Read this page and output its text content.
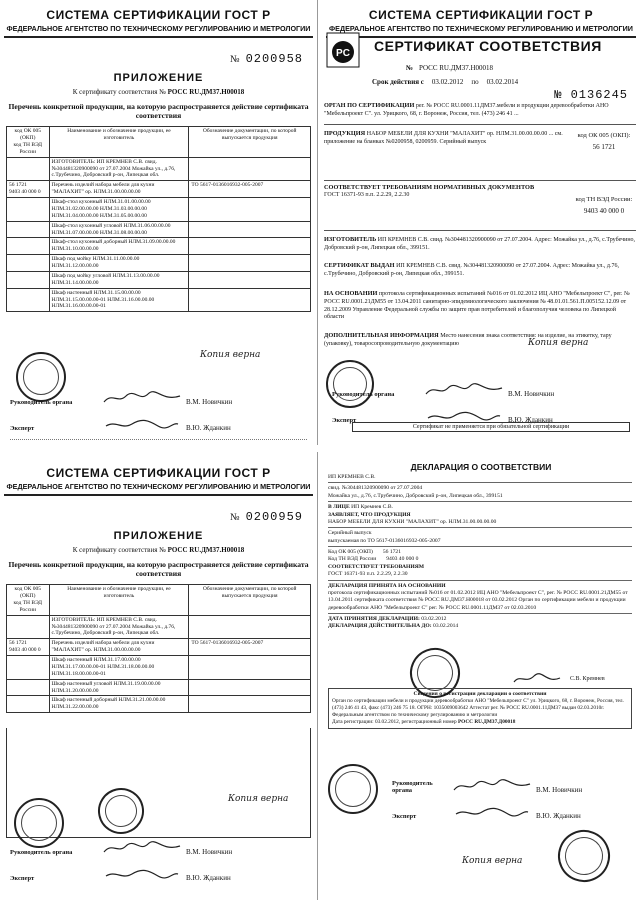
СИСТЕМА СЕРТИФИКАЦИИ ГОСТ Р
ФЕДЕРАЛЬНОЕ АГЕНТСТВО ПО ТЕХНИЧЕСКОМУ РЕГУЛИРОВАНИЮ И МЕТРОЛОГИИ
№ 0200958
ПРИЛОЖЕНИЕ
К сертификату соответствия № РОСС RU.ДМ37.Н00018
Перечень конкретной продукции, на которую распространяется действие сертификата соответствия
код ОК 005 (ОКП)
код ТН ВЭД России	Наименование и обозначение продукции, ее изготовитель	Обозначение документации, по которой выпускается продукция
	ИЗГОТОВИТЕЛЬ: ИП КРЕМНЕВ С.В. свид. №304481320900090 от 27.07.2004 Можайка ул., д.76, с.Трубечино, Добровский р-он, Липецкая обл.	

56 1721
9403 40 000 0	Перечень изделий набора мебели для кухни "МАЛАХИТ" ор. НЛМ.31.00.00.00.00	ТО 5617-0136016932-005-2007
	Шкаф-стол кухонный НЛМ.31.01.00.00.00 НЛМ.31.02.00.00.00 НЛМ.31.03.00.00.00 НЛМ.31.04.00.00.00 НЛМ.31.05.00.00.00	
	Шкаф-стол кухонный угловой НЛМ.31.06.00.00.00 НЛМ.31.07.00.00.00 НЛМ.31.08.00.00.00	
	Шкаф-стол кухонный доборный НЛМ.31.09.00.00.00 НЛМ.31.10.00.00.00	
	Шкаф под мойку НЛМ.31.11.00.00.00 НЛМ.31.12.00.00.00	
	Шкаф под мойку угловой НЛМ.31.13.00.00.00 НЛМ.31.14.00.00.00	
	Шкаф настенный НЛМ.31.15.00.00.00 НЛМ.31.15.00.00.00-01 НЛМ.31.16.00.00.00 НЛМ.31.16.00.00.00-01	
Копия верна
Руководитель органа	В.М. Новичкин
Эксперт	В.Ю. Жданкин
СИСТЕМА СЕРТИФИКАЦИИ ГОСТ Р
ФЕДЕРАЛЬНОЕ АГЕНТСТВО ПО ТЕХНИЧЕСКОМУ РЕГУЛИРОВАНИЮ И МЕТРОЛОГИИ
PC СЕРТИФИКАТ СООТВЕТСТВИЯ
№ РОСС RU.ДМ37.Н00018
Срок действия с 03.02.2012 по 03.02.2014
№ 0136245
ОРГАН ПО СЕРТИФИКАЦИИ рег. № РОСС RU.0001.11ДМ37.мебели и продукции деревообработки АНО "Мебельпроект С". ул. Урицкого, 68, г. Воронеж, Россия, тел. (473) 246 41 ...
ПРОДУКЦИЯ НАБОР МЕБЕЛИ ДЛЯ КУХНИ "МАЛАХИТ" ор. НЛМ.31.00.00.00.00 ... см. приложение на бланках №0200958, 0200959. Серийный выпуск
код ОК 005 (ОКП):
56 1721
СООТВЕТСТВУЕТ ТРЕБОВАНИЯМ НОРМАТИВНЫХ ДОКУМЕНТОВ
ГОСТ 16371-93 п.п. 2.2.29, 2.2.30
код ТН ВЭД России:
9403 40 000 0
ИЗГОТОВИТЕЛЬ ИП КРЕМНЕВ С.В. свид. №304481320900090 от 27.07.2004. Адрес: Можайка ул., д.76, с.Трубечино, Добровский р-он, Липецкая обл., 399151.
СЕРТИФИКАТ ВЫДАН ИП КРЕМНЕВ С.В. свид. №304481320900090 от 27.07.2004. Адрес: Можайка ул., д.76, с.Трубечино, Добровский р-он, Липецкая обл., 399151.
НА ОСНОВАНИИ протокола сертификационных испытаний №016 от 01.02.2012 ИЦ АНО "Мебельпроект С", рег. № РОСС RU.0001.21ДМ55 от 13.04.2011 санитарно-эпидемиологического заключения № 48.01.01.561.П.005152.12.09 от 28.12.2009 Управление Федеральной службы по защите прав потребителей и благополучия человека по Липецкой области
ДОПОЛНИТЕЛЬНАЯ ИНФОРМАЦИЯ Место нанесения знака соответствия: на изделие, на этикетку, тару (упаковку), товаросопроводительную документацию	Копия верна
Руководитель органа	В.М. Новичкин
Эксперт	В.Ю. Жданкин
Сертификат не применяется при обязательной сертификации
СИСТЕМА СЕРТИФИКАЦИИ ГОСТ Р
ФЕДЕРАЛЬНОЕ АГЕНТСТВО ПО ТЕХНИЧЕСКОМУ РЕГУЛИРОВАНИЮ И МЕТРОЛОГИИ
№ 0200959
ПРИЛОЖЕНИЕ
К сертификату соответствия № РОСС RU.ДМ37.Н00018
Перечень конкретной продукции, на которую распространяется действие сертификата соответствия
код ОК 005 (ОКП)
код ТН ВЭД России	Наименование и обозначение продукции, ее изготовитель	Обозначение документации, по которой выпускается продукция
	ИЗГОТОВИТЕЛЬ: ИП КРЕМНЕВ С.В. свид. №304481320900090 от 27.07.2004 Можайка ул., д.76, с.Трубечино, Добровский р-он, Липецкая обл.	

56 1721
9403 40 000 0	Перечень изделий набора мебели для кухни "МАЛАХИТ" ор. НЛМ.31.00.00.00.00	ТО 5617-0136016932-005-2007
	Шкаф настенный НЛМ.31.17.00.00.00 НЛМ.31.17.00.00.00-01 НЛМ.31.18.00.00.00 НЛМ.31.18.00.00.00-01	
	Шкаф настенный угловой НЛМ.31.19.00.00.00 НЛМ.31.20.00.00.00	
	Шкаф настенный доборный НЛМ.31.21.00.00.00 НЛМ.31.22.00.00.00	
Копия верна
Руководитель органа	В.М. Новичкин
Эксперт	В.Ю. Жданкин
ДЕКЛАРАЦИЯ О СООТВЕТСТВИИ
ИП КРЕМНЕВ С.В.
свид. №304481320900090 от 27.07.2004
Можайка ул., д.76, с.Трубечино, Добровский р-он, Липецкая обл., 399151
В ЛИЦЕ ИП Кремнев С.В.
ЗАЯВЛЯЕТ, ЧТО ПРОДУКЦИЯ
НАБОР МЕБЕЛИ ДЛЯ КУХНИ "МАЛАХИТ" ор. НЛМ.31.00.00.00.00
Серийный выпуск
выпускаемая по ТО 5617-0136016932-005-2007
Код ОК 005 (ОКП) 56 1721
Код ТН ВЭД России 9403 40 000 0
СООТВЕТСТВУЕТ ТРЕБОВАНИЯМ
ГОСТ 16371-93 п.п. 2.2.29, 2.2.30
ДЕКЛАРАЦИЯ ПРИНЯТА НА ОСНОВАНИИ
протокола сертификационных испытаний №016 от 01.02.2012 ИЦ АНО "Мебельпроект С", рег. № РОСС RU.0001.21ДМ55 от 13.04.2011 сертификата соответствия № РОСС RU.ДМ37.Н00018 от 03.02.2012 Орган по сертификации мебели и продукции деревообработки АНО "Мебельпроект С" рег. № РОСС RU.0001.11ДМ37 от 02.03.2010
ДАТА ПРИНЯТИЯ ДЕКЛАРАЦИИ: 03.02.2012
ДЕКЛАРАЦИЯ ДЕЙСТВИТЕЛЬНА ДО: 03.02.2014
С.В. Кремнев
Сведения о регистрации декларации о соответствии
Орган по сертификации мебели и продукции деревообработки АНО "Мебельпроект С" ул. Урицкого, 68, г. Воронеж, Россия, тел. (473) 246 41 43, факс (473) 246 75 18. ОГРН: 1035009003642 Аттестат рег. № РОСС RU.0001.11ДМ37 выдан 02.03.2010г. Федеральным агентством по техническому регулированию и метрологии
Дата регистрации: 03.02.2012, регистрационный номер РОСС RU.ДМ37.Д00018
Руководитель органа	В.М. Новичкин
Эксперт	В.Ю. Жданкин
Копия верна
